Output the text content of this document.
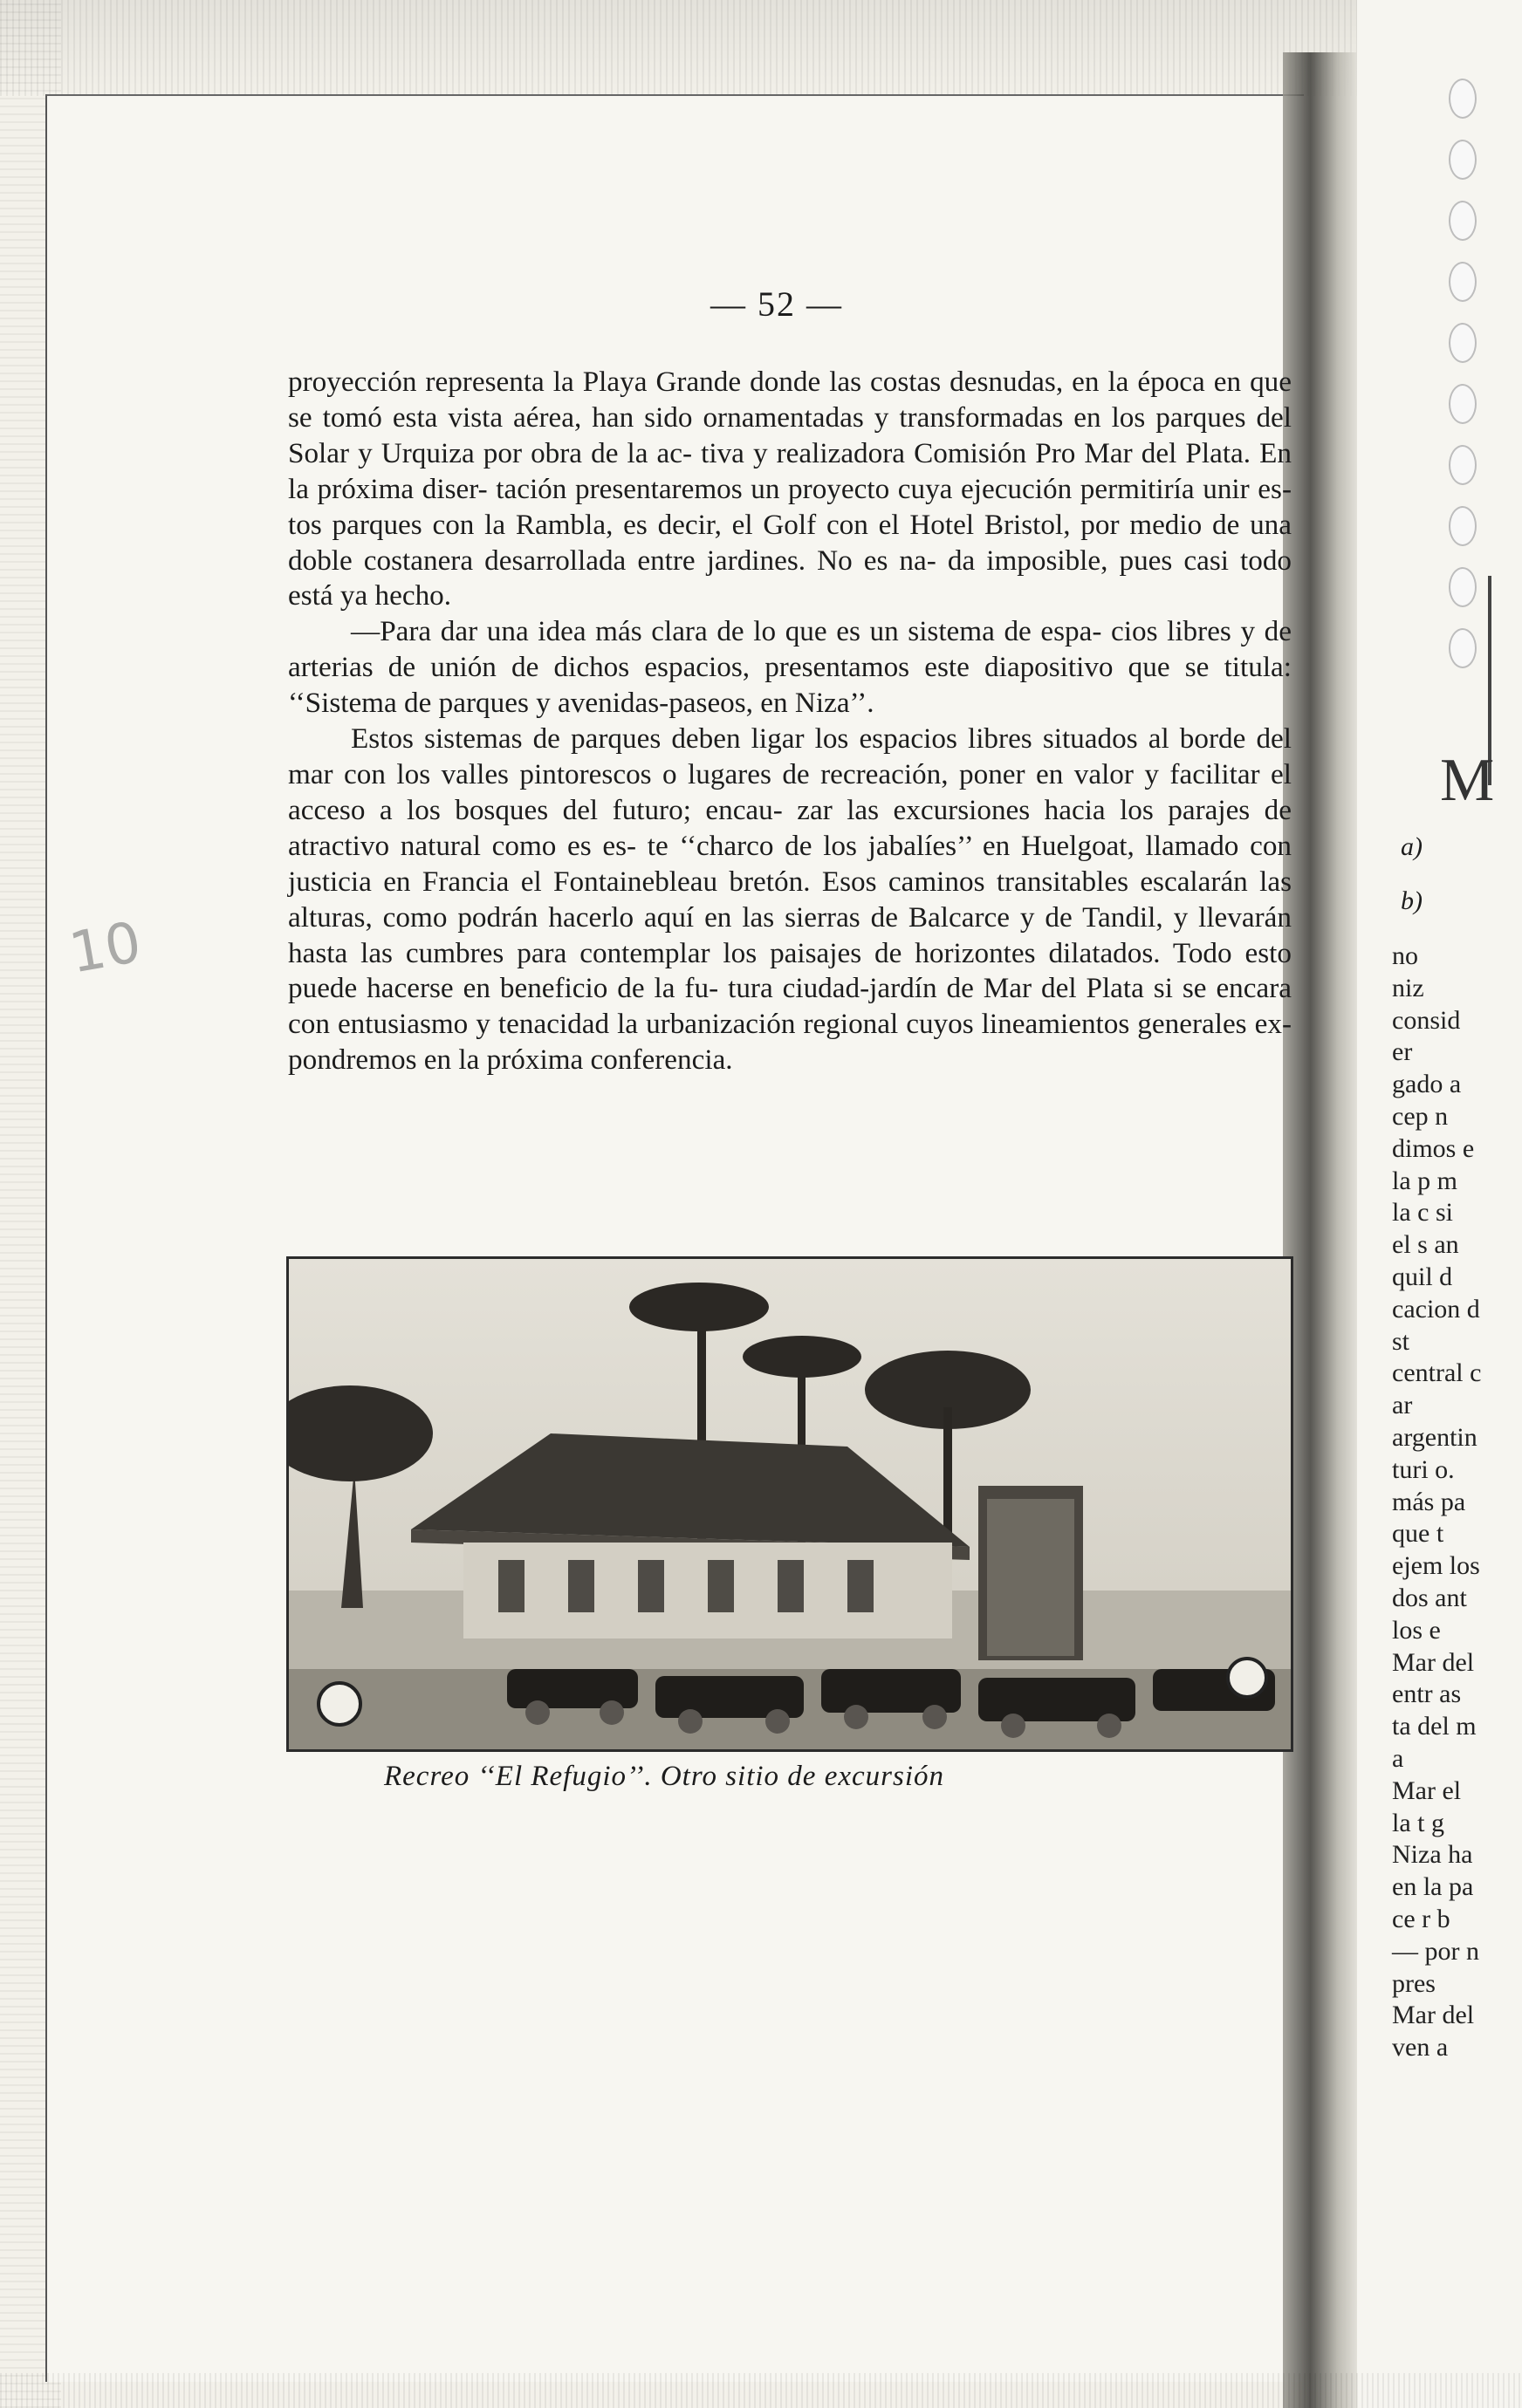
— 52 —

proyección representa la Playa Grande donde las costas desnudas, en la época en que se tomó esta vista aérea, han sido ornamentadas y transformadas en los parques del Solar y Urquiza por obra de la ac- tiva y realizadora Comisión Pro Mar del Plata. En la próxima diser- tación presentaremos un proyecto cuya ejecución permitiría unir es- tos parques con la Rambla, es decir, el Golf con el Hotel Bristol, por medio de una doble costanera desarrollada entre jardines. No es na- da imposible, pues casi todo está ya hecho.

—Para dar una idea más clara de lo que es un sistema de espa- cios libres y de arterias de unión de dichos espacios, presentamos este diapositivo que se titula: ‘‘Sistema de parques y avenidas-paseos, en Niza’’.

Estos sistemas de parques deben ligar los espacios libres situados al borde del mar con los valles pintorescos o lugares de recreación, poner en valor y facilitar el acceso a los bosques del futuro; encau- zar las excursiones hacia los parajes de atractivo natural como es es- te ‘‘charco de los jabalíes’’ en Huelgoat, llamado con justicia en Francia el Fontainebleau bretón. Esos caminos transitables escalarán las alturas, como podrán hacerlo aquí en las sierras de Balcarce y de Tandil, y llevarán hasta las cumbres para contemplar los paisajes de horizontes dilatados. Todo esto puede hacerse en beneficio de la fu- tura ciudad-jardín de Mar del Plata si se encara con entusiasmo y tenacidad la urbanización regional cuyos lineamientos generales ex- pondremos en la próxima conferencia.

Recreo ‘‘El Refugio’’. Otro sitio de excursión
10
M
a)
b)
no
niz
consid
er
gado a
cep n
dimos e
la p m
la c si
el s an
quil d
cacion d
st
central c
ar
argentin
turi o.
más pa
que t
ejem los
dos ant
los e
Mar del
entr as
ta del m
a
Mar el
la t g
Niza ha
en la pa
ce r b
— por n
pres
Mar del
ven a
